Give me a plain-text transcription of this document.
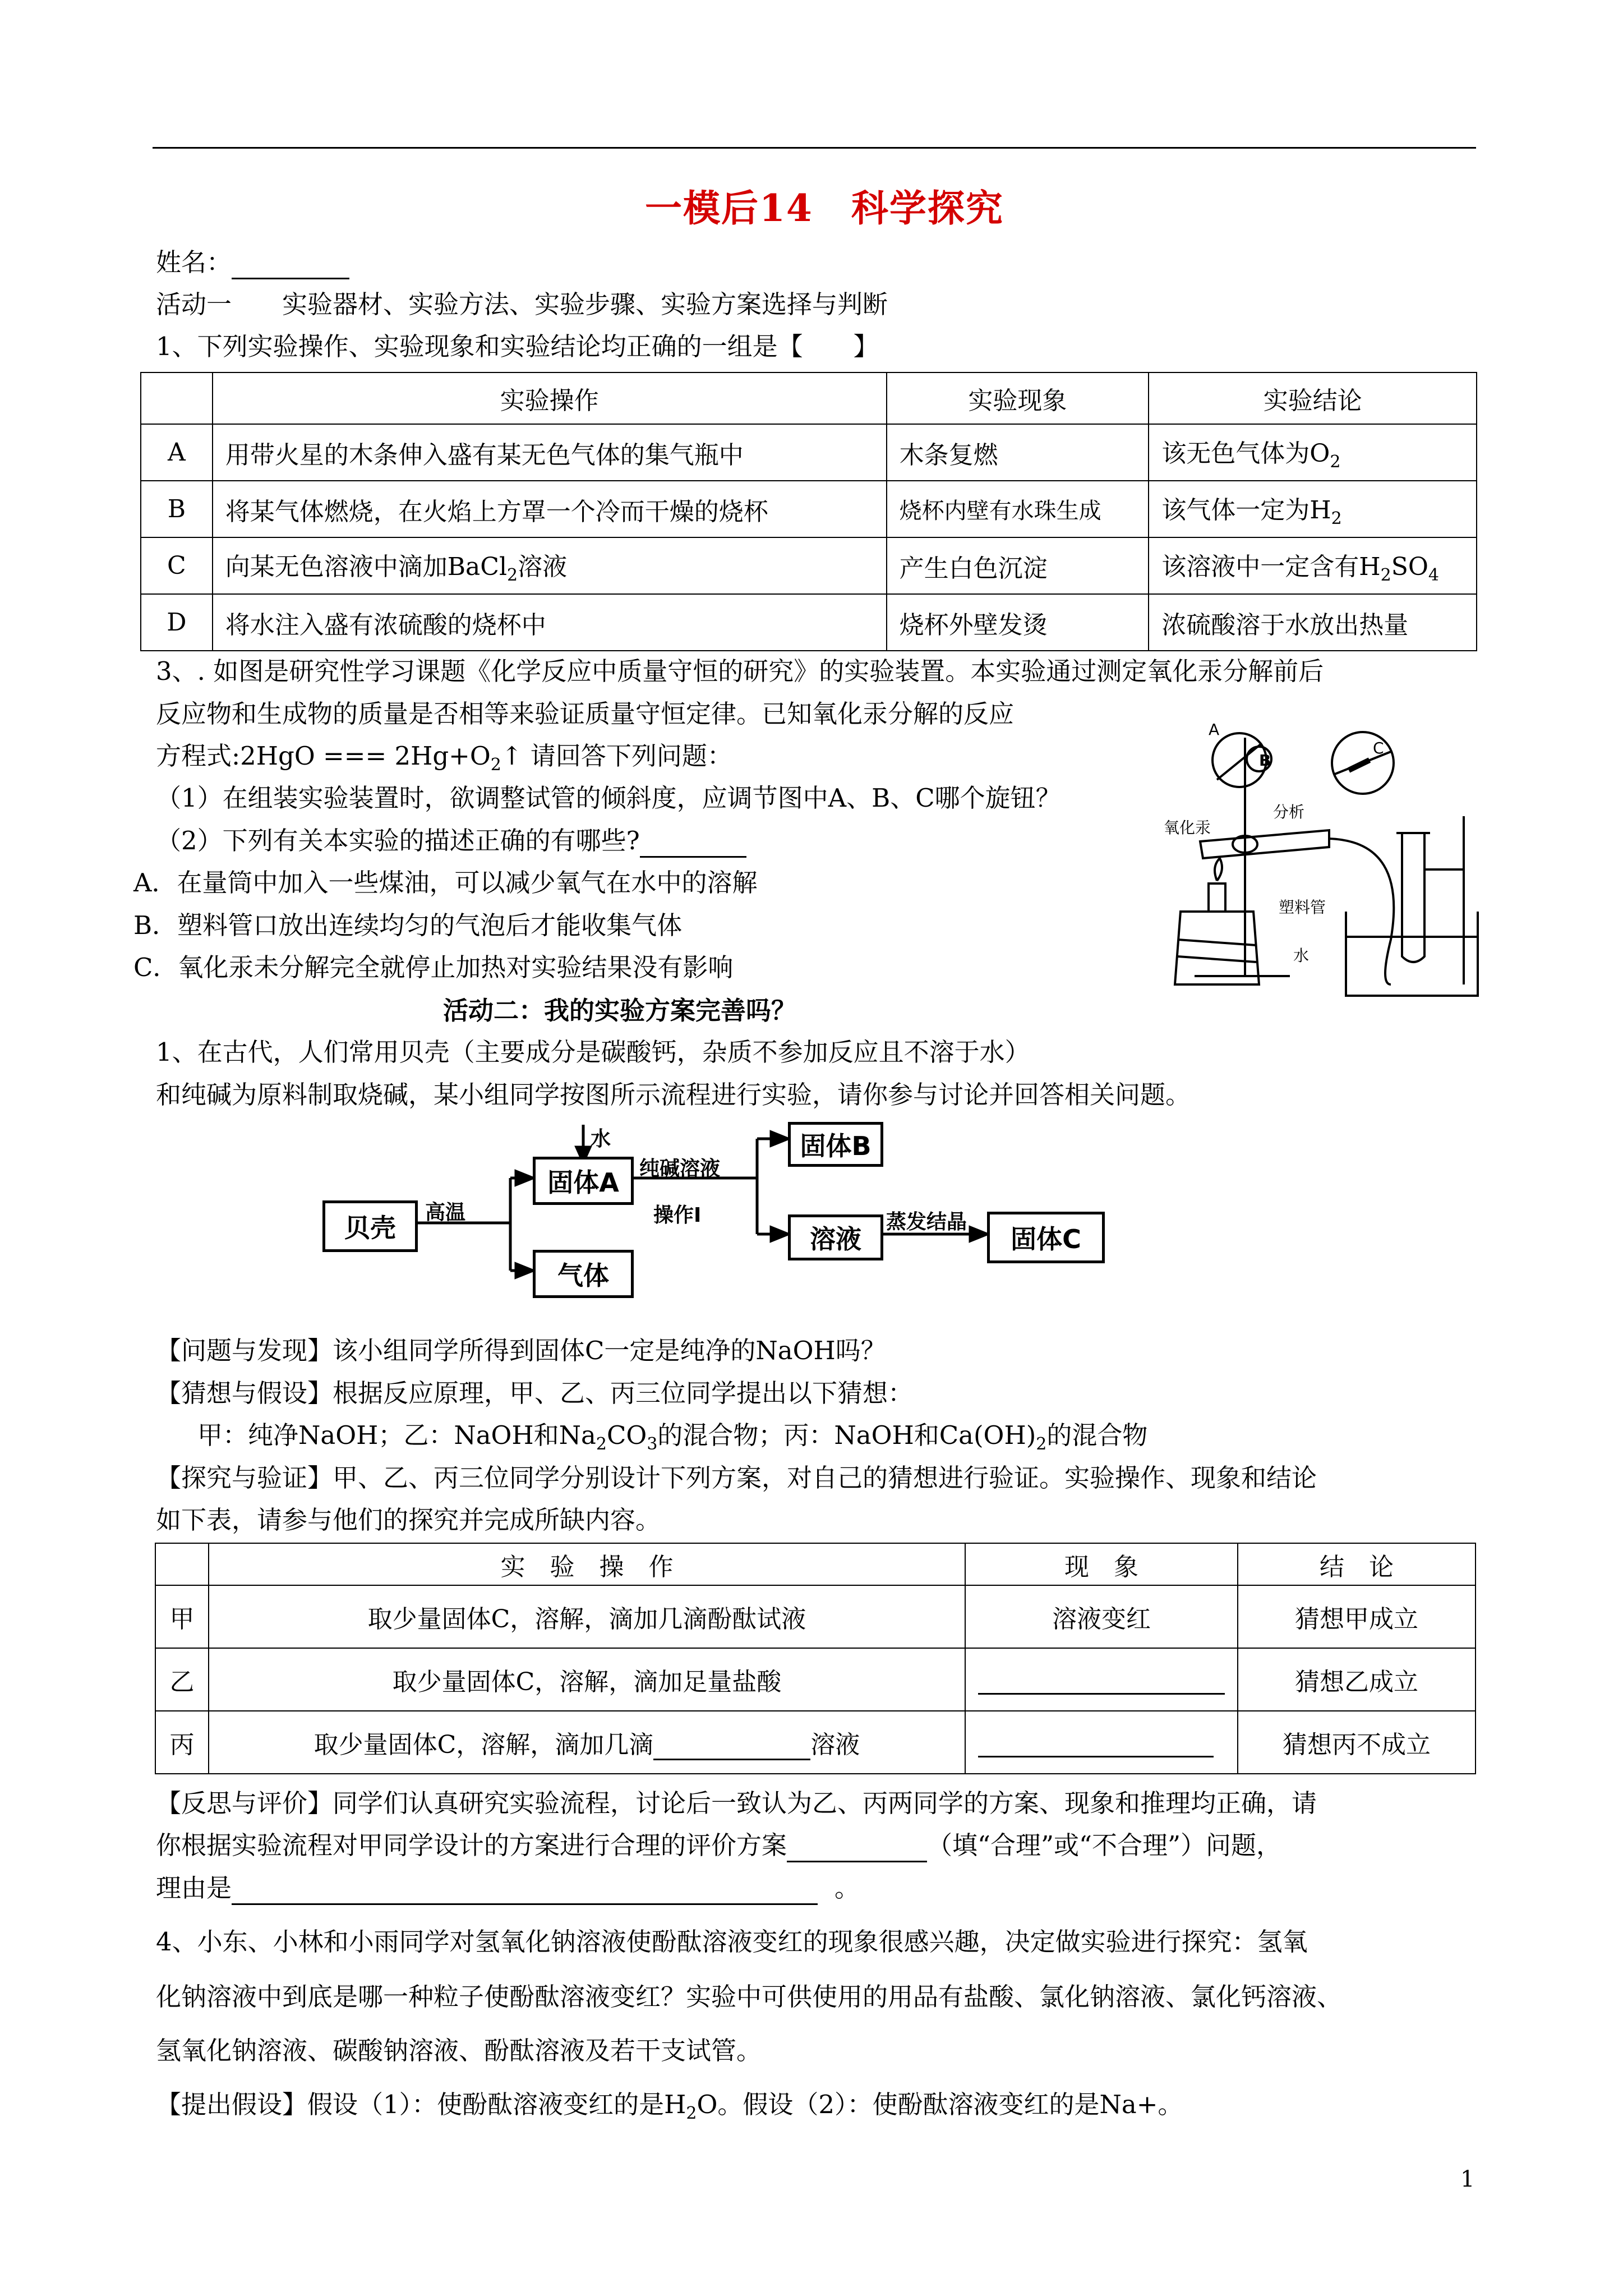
一模后14　科学探究
姓名：
活动一 实验器材、实验方法、实验步骤、实验方案选择与判断
1、下列实验操作、实验现象和实验结论均正确的一组是【　　】
	实验操作	实验现象	实验结论
A	用带火星的木条伸入盛有某无色气体的集气瓶中	木条复燃	该无色气体为$O_2$
B	将某气体燃烧，在火焰上方罩一个冷而干燥的烧杯	烧杯内壁有水珠生成	该气体一定为$H_2$
C	向某无色溶液中滴加BaCl$_2$溶液	产生白色沉淀	该溶液中一定含有$H_2SO_4$
D	将水注入盛有浓硫酸的烧杯中	烧杯外壁发烫	浓硫酸溶于水放出热量
3、. 如图是研究性学习课题《化学反应中质量守恒的研究》的实验装置。本实验通过测定氧化汞分解前后
反应物和生成物的质量是否相等来验证质量守恒定律。已知氧化汞分解的反应
方程式:2HgO === $2Hg+O_2↑$ 请回答下列问题：
（1）在组装实验装置时，欲调整试管的倾斜度，应调节图中A、B、C哪个旋钮？
（2）下列有关本实验的描述正确的有哪些?
A．在量筒中加入一些煤油，可以减少氧气在水中的溶解
B．塑料管口放出连续均匀的气泡后才能收集气体
C．氧化汞未分解完全就停止加热对实验结果没有影响
A
B
C
氧化汞
分析
塑料管
水
活动二：我的实验方案完善吗？
1、在古代，人们常用贝壳（主要成分是碳酸钙，杂质不参加反应且不溶于水）
和纯碱为原料制取烧碱，某小组同学按图所示流程进行实验，请你参与讨论并回答相关问题。
贝壳
高温
水
固体A
气体
纯碱溶液
操作I
固体B
溶液
蒸发结晶
固体C
【问题与发现】该小组同学所得到固体C一定是纯净的NaOH吗？
【猜想与假设】根据反应原理，甲、乙、丙三位同学提出以下猜想：
甲：纯净NaOH；乙：NaOH和$Na_2CO_3$的混合物；丙：NaOH和$Ca(OH)_2$的混合物
【探究与验证】甲、乙、丙三位同学分别设计下列方案，对自己的猜想进行验证。实验操作、现象和结论
如下表，请参与他们的探究并完成所缺内容。
	实　验　操　作	现　象	结　论
甲	取少量固体C，溶解，滴加几滴酚酞试液	溶液变红	猜想甲成立
乙	取少量固体C，溶解，滴加足量盐酸		猜想乙成立
丙	取少量固体C，溶解，滴加几滴 溶液		猜想丙不成立
【反思与评价】同学们认真研究实验流程，讨论后一致认为乙、丙两同学的方案、现象和推理均正确，请
你根据实验流程对甲同学设计的方案进行合理的评价方案	（填“合理”或“不合理”）问题，
理由是	。
4、小东、小林和小雨同学对氢氧化钠溶液使酚酞溶液变红的现象很感兴趣，决定做实验进行探究：氢氧
化钠溶液中到底是哪一种粒子使酚酞溶液变红？实验中可供使用的用品有盐酸、氯化钠溶液、氯化钙溶液、
氢氧化钠溶液、碳酸钠溶液、酚酞溶液及若干支试管。
【提出假设】假设（1）：使酚酞溶液变红的是$H_2O$。假设（2）：使酚酞溶液变红的是Na+。
1
